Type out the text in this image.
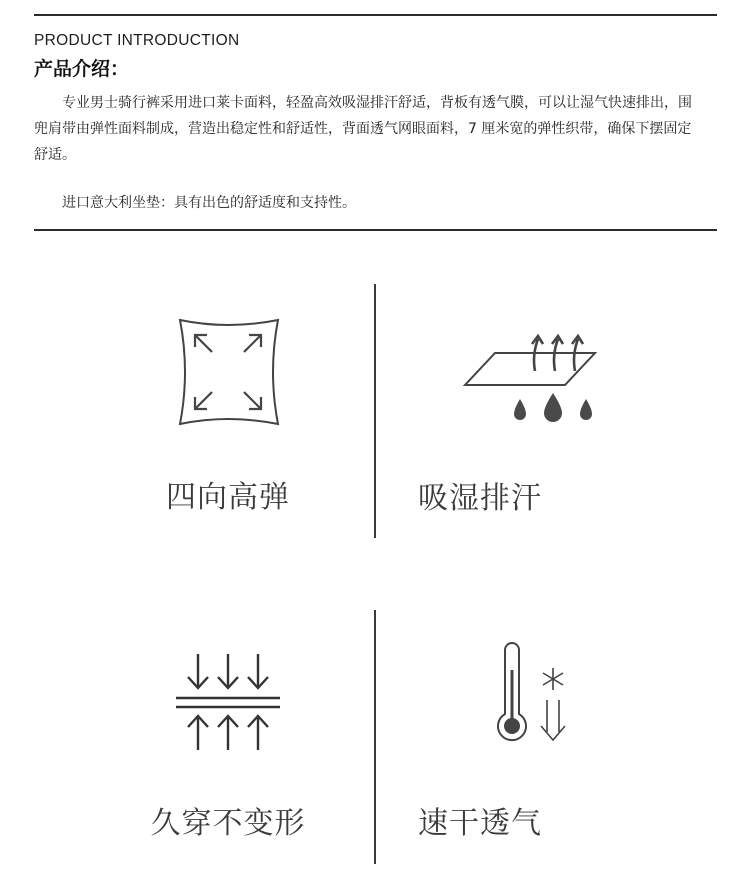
PRODUCT INTRODUCTION
产品介绍：

专业男士骑行裤采用进口莱卡面料，轻盈高效吸湿排汗舒适，背板有透气膜，可以让湿气快速排出，围兜肩带由弹性面料制成，营造出稳定性和舒适性，背面透气网眼面料，7 厘米宽的弹性织带，确保下摆固定舒适。

进口意大利坐垫：具有出色的舒适度和支持性。

四向高弹	吸湿排汗
久穿不变形	速干透气
